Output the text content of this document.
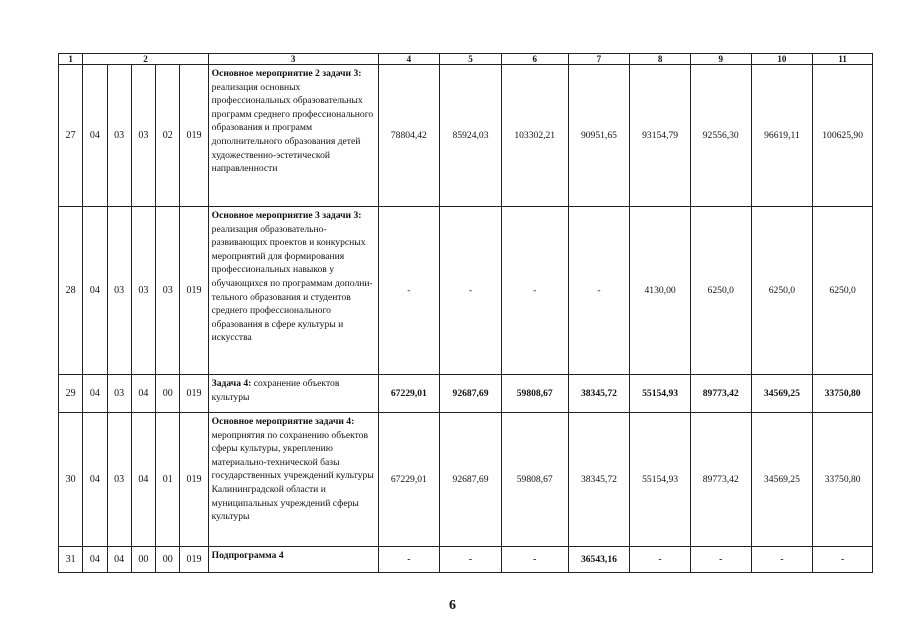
1	2					3	4	5	6	7	8	9	10	11
27	04	03	03	02	019	Основное мероприятие 2 задачи 3: реализация основных профессиональных образовательных программ среднего профессионального образования и программ дополнительного образования детей художественно-эстетической направленности	78804,42	85924,03	103302,21	90951,65	93154,79	92556,30	96619,11	100625,90
28	04	03	03	03	019	Основное мероприятие 3 задачи 3: реализация образовательно-развивающих проектов и конкурсных мероприятий для формирования профессиональных навыков у обучающихся по программам дополни-тельного образования и студентов среднего профессионального образования в сфере культуры и искусства	-	-	-	-	4130,00	6250,0	6250,0	6250,0
29	04	03	04	00	019	Задача 4: сохранение объектов культуры	67229,01	92687,69	59808,67	38345,72	55154,93	89773,42	34569,25	33750,80
30	04	03	04	01	019	Основное мероприятие задачи 4: мероприятия по сохранению объектов сферы культуры, укреплению материально-технической базы государственных учреждений культуры Калининградской области и муниципальных учреждений сферы культуры	67229,01	92687,69	59808,67	38345,72	55154,93	89773,42	34569,25	33750,80
31	04	04	00	00	019	Подпрограмма 4	-	-	-	36543,16	-	-	-	-
6
